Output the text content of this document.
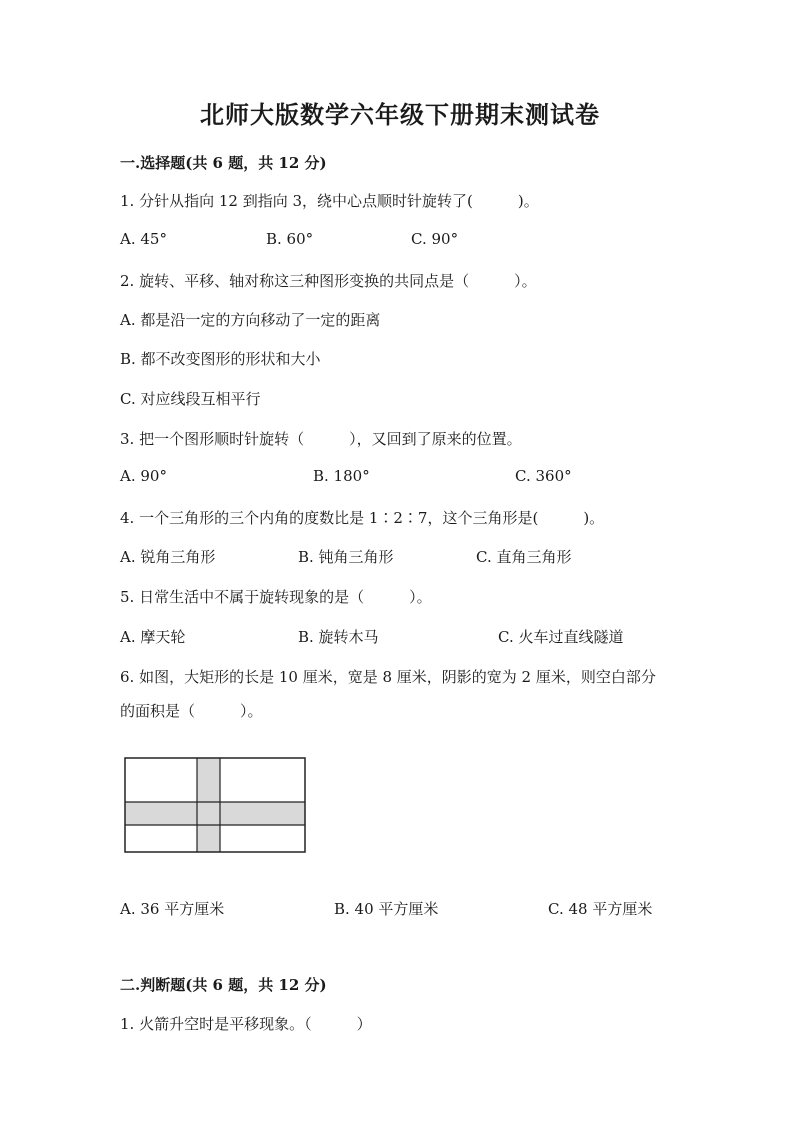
北师大版数学六年级下册期末测试卷
一.选择题(共 6 题，共 12 分)
1. 分针从指向 12 到指向 3，绕中心点顺时针旋转了(　　　)。
A. 45°	B. 60°	C. 90°
2. 旋转、平移、轴对称这三种图形变换的共同点是（　　　）。
A. 都是沿一定的方向移动了一定的距离
B. 都不改变图形的形状和大小
C. 对应线段互相平行
3. 把一个图形顺时针旋转（　　　），又回到了原来的位置。
A. 90°	B. 180°	C. 360°
4. 一个三角形的三个内角的度数比是 1∶2∶7，这个三角形是(　　　)。
A. 锐角三角形	B. 钝角三角形	C. 直角三角形
5. 日常生活中不属于旋转现象的是（　　　）。
A. 摩天轮	B. 旋转木马	C. 火车过直线隧道
6. 如图，大矩形的长是 10 厘米，宽是 8 厘米，阴影的宽为 2 厘米，则空白部分
的面积是（　　　）。
A. 36 平方厘米	B. 40 平方厘米	C. 48 平方厘米
二.判断题(共 6 题，共 12 分)
1. 火箭升空时是平移现象。（　　　）
